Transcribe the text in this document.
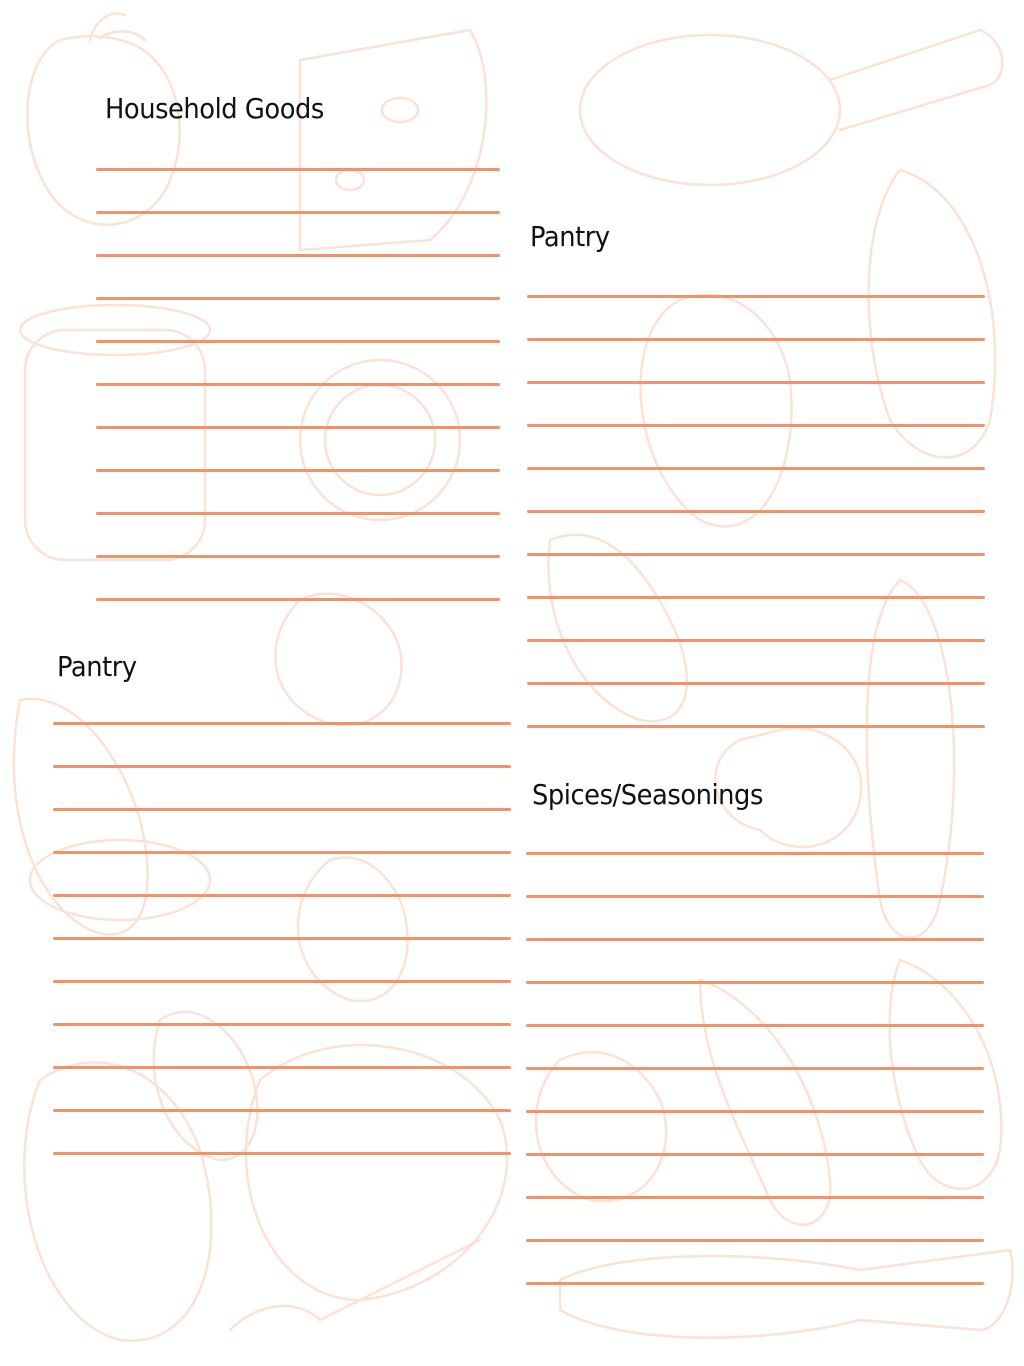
Household Goods
Pantry
Pantry
Spices/Seasonings
